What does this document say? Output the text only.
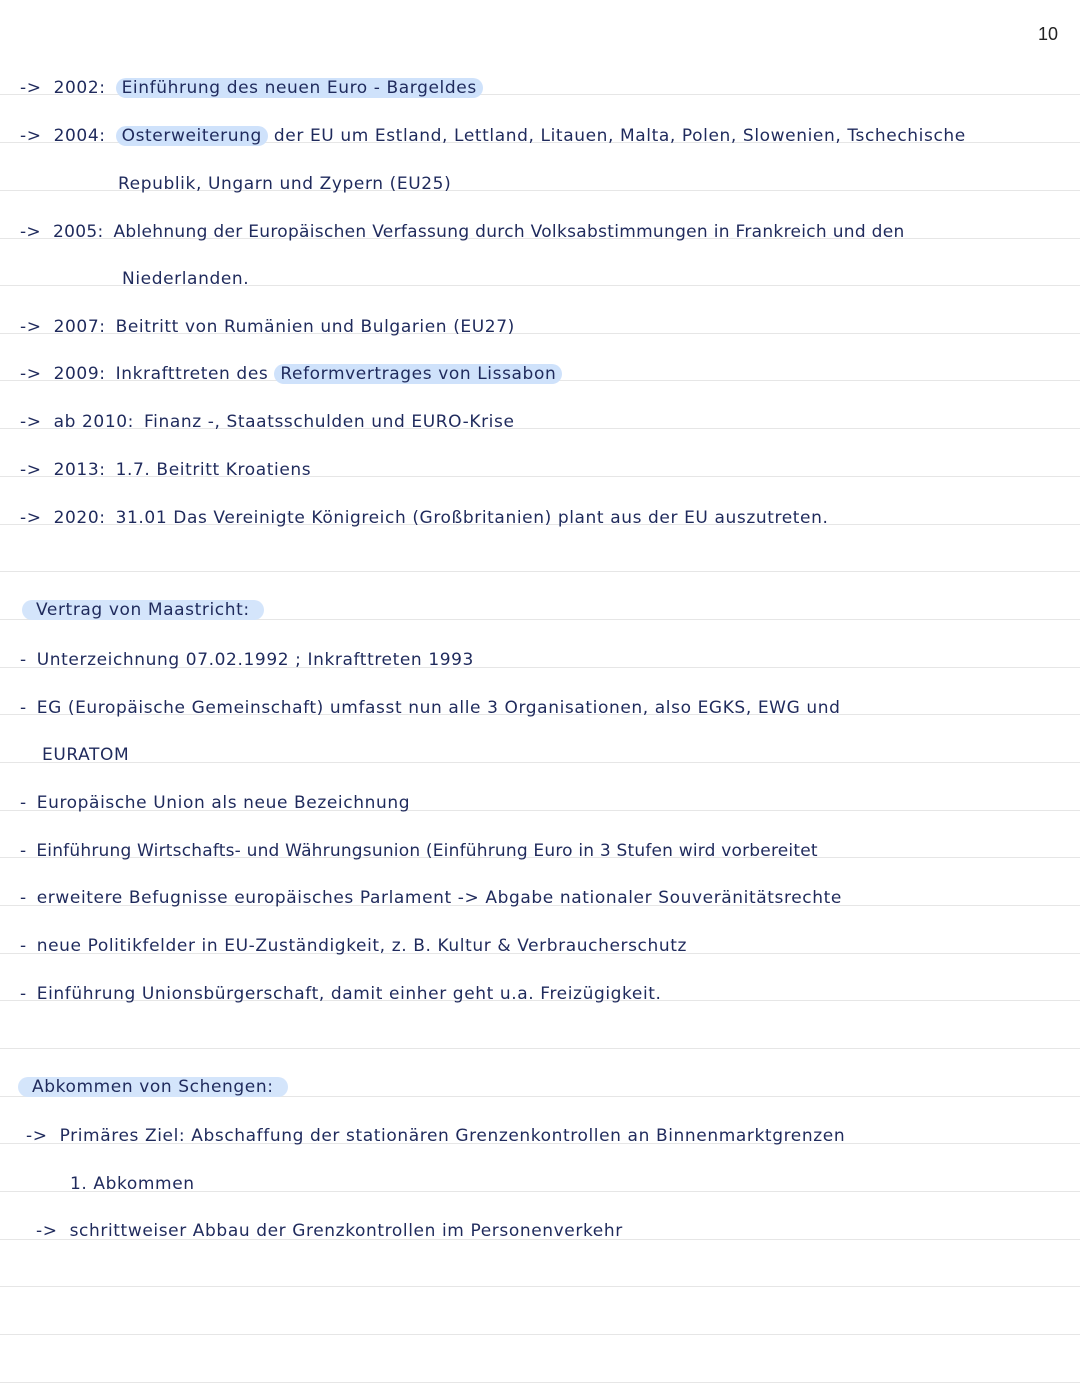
10
-> 2002: Einführung des neuen Euro - Bargeldes
-> 2004: Osterweiterung der EU um Estland, Lettland, Litauen, Malta, Polen, Slowenien, Tschechische
Republik, Ungarn und Zypern (EU25)
-> 2005: Ablehnung der Europäischen Verfassung durch Volksabstimmungen in Frankreich und den
Niederlanden.
-> 2007: Beitritt von Rumänien und Bulgarien (EU27)
-> 2009: Inkrafttreten des Reformvertrages von Lissabon
-> ab 2010: Finanz -, Staatsschulden und EURO-Krise
-> 2013: 1.7. Beitritt Kroatiens
-> 2020: 31.01 Das Vereinigte Königreich (Großbritanien) plant aus der EU auszutreten.
Vertrag von Maastricht:
- Unterzeichnung 07.02.1992 ; Inkrafttreten 1993
- EG (Europäische Gemeinschaft) umfasst nun alle 3 Organisationen, also EGKS, EWG und
EURATOM
- Europäische Union als neue Bezeichnung
- Einführung Wirtschafts- und Währungsunion (Einführung Euro in 3 Stufen wird vorbereitet
- erweitere Befugnisse europäisches Parlament -> Abgabe nationaler Souveränitätsrechte
- neue Politikfelder in EU-Zuständigkeit, z. B. Kultur & Verbraucherschutz
- Einführung Unionsbürgerschaft, damit einher geht u.a. Freizügigkeit.
Abkommen von Schengen:
-> Primäres Ziel: Abschaffung der stationären Grenzenkontrollen an Binnenmarktgrenzen
1. Abkommen
-> schrittweiser Abbau der Grenzkontrollen im Personenverkehr
